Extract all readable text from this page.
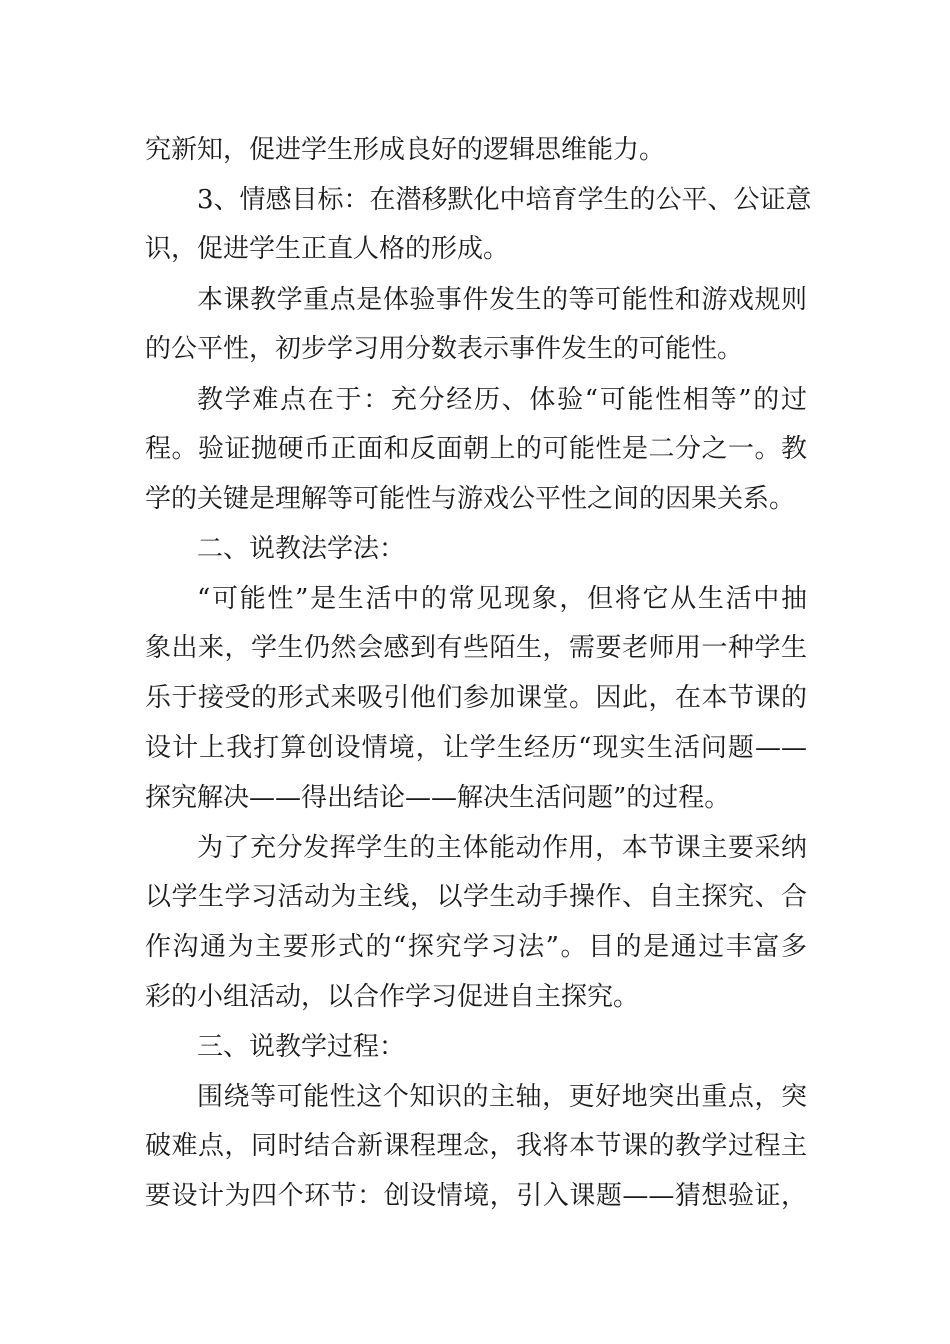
究新知，促进学生形成良好的逻辑思维能力。
3、情感目标：在潜移默化中培育学生的公平、公证意
识，促进学生正直人格的形成。
本课教学重点是体验事件发生的等可能性和游戏规则
的公平性，初步学习用分数表示事件发生的可能性。
教学难点在于：充分经历、体验“可能性相等”的过
程。验证抛硬币正面和反面朝上的可能性是二分之一。教
学的关键是理解等可能性与游戏公平性之间的因果关系。
二、说教法学法：
“可能性”是生活中的常见现象，但将它从生活中抽
象出来，学生仍然会感到有些陌生，需要老师用一种学生
乐于接受的形式来吸引他们参加课堂。因此，在本节课的
设计上我打算创设情境，让学生经历“现实生活问题——
探究解决——得出结论——解决生活问题”的过程。
为了充分发挥学生的主体能动作用，本节课主要采纳
以学生学习活动为主线，以学生动手操作、自主探究、合
作沟通为主要形式的“探究学习法”。目的是通过丰富多
彩的小组活动，以合作学习促进自主探究。
三、说教学过程：
围绕等可能性这个知识的主轴，更好地突出重点，突
破难点，同时结合新课程理念，我将本节课的教学过程主
要设计为四个环节：创设情境，引入课题——猜想验证，
